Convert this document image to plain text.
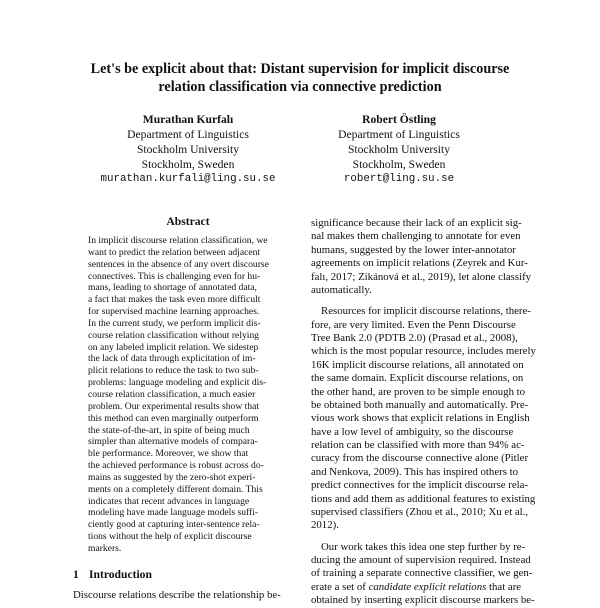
Let's be explicit about that: Distant supervision for implicit discourse
relation classification via connective prediction
Murathan Kurfalı
Department of Linguistics
Stockholm University
Stockholm, Sweden
murathan.kurfali@ling.su.se
Robert Östling
Department of Linguistics
Stockholm University
Stockholm, Sweden
robert@ling.su.se
Abstract
In implicit discourse relation classification, we
want to predict the relation between adjacent
sentences in the absence of any overt discourse
connectives. This is challenging even for hu-
mans, leading to shortage of annotated data,
a fact that makes the task even more difficult
for supervised machine learning approaches.
In the current study, we perform implicit dis-
course relation classification without relying
on any labeled implicit relation. We sidestep
the lack of data through explicitation of im-
plicit relations to reduce the task to two sub-
problems: language modeling and explicit dis-
course relation classification, a much easier
problem. Our experimental results show that
this method can even marginally outperform
the state-of-the-art, in spite of being much
simpler than alternative models of compara-
ble performance. Moreover, we show that
the achieved performance is robust across do-
mains as suggested by the zero-shot experi-
ments on a completely different domain. This
indicates that recent advances in language
modeling have made language models suffi-
ciently good at capturing inter-sentence rela-
tions without the help of explicit discourse
markers.
1 Introduction
Discourse relations describe the relationship be-
significance because their lack of an explicit sig-
nal makes them challenging to annotate for even
humans, suggested by the lower inter-annotator
agreements on implicit relations (Zeyrek and Kur-
falı, 2017; Zikánová et al., 2019), let alone classify
automatically.
Resources for implicit discourse relations, there-
fore, are very limited. Even the Penn Discourse
Tree Bank 2.0 (PDTB 2.0) (Prasad et al., 2008),
which is the most popular resource, includes merely
16K implicit discourse relations, all annotated on
the same domain. Explicit discourse relations, on
the other hand, are proven to be simple enough to
be obtained both manually and automatically. Pre-
vious work shows that explicit relations in English
have a low level of ambiguity, so the discourse
relation can be classified with more than 94% ac-
curacy from the discourse connective alone (Pitler
and Nenkova, 2009). This has inspired others to
predict connectives for the implicit discourse rela-
tions and add them as additional features to existing
supervised classifiers (Zhou et al., 2010; Xu et al.,
2012).
Our work takes this idea one step further by re-
ducing the amount of supervision required. Instead
of training a separate connective classifier, we gen-
erate a set of candidate explicit relations that are
obtained by inserting explicit discourse markers be-
